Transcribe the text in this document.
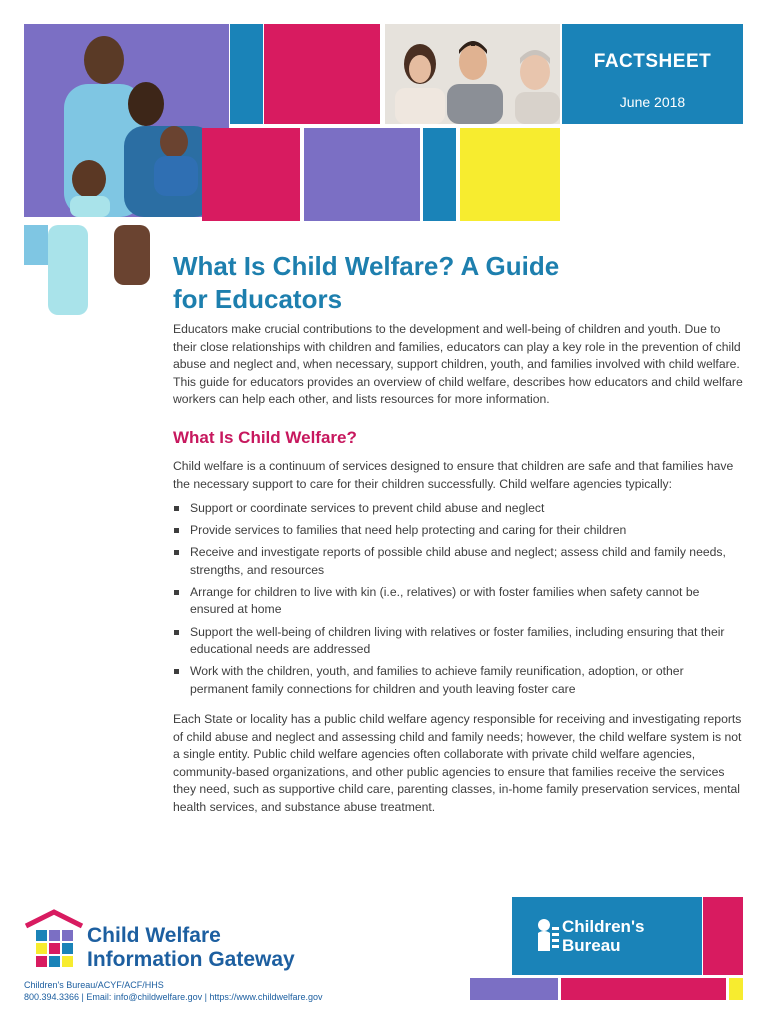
FACTSHEET
June 2018
What Is Child Welfare? A Guide for Educators

Educators make crucial contributions to the development and well-being of children and youth. Due to their close relationships with children and families, educators can play a key role in the prevention of child abuse and neglect and, when necessary, support children, youth, and families involved with child welfare. This guide for educators provides an overview of child welfare, describes how educators and child welfare workers can help each other, and lists resources for more information.

What Is Child Welfare?

Child welfare is a continuum of services designed to ensure that children are safe and that families have the necessary support to care for their children successfully. Child welfare agencies typically:

Support or coordinate services to prevent child abuse and neglect
Provide services to families that need help protecting and caring for their children
Receive and investigate reports of possible child abuse and neglect; assess child and family needs, strengths, and resources
Arrange for children to live with kin (i.e., relatives) or with foster families when safety cannot be ensured at home
Support the well-being of children living with relatives or foster families, including ensuring that their educational needs are addressed
Work with the children, youth, and families to achieve family reunification, adoption, or other permanent family connections for children and youth leaving foster care

Each State or locality has a public child welfare agency responsible for receiving and investigating reports of child abuse and neglect and assessing child and family needs; however, the child welfare system is not a single entity. Public child welfare agencies often collaborate with private child welfare agencies, community-based organizations, and other public agencies to ensure that families receive the services they need, such as supportive child care, parenting classes, in-home family preservation services, mental health services, and substance abuse treatment.

Child Welfare
Information Gateway
Children's Bureau/ACYF/ACF/HHS
800.394.3366 | Email: info@childwelfare.gov | https://www.childwelfare.gov
Children's
Bureau
